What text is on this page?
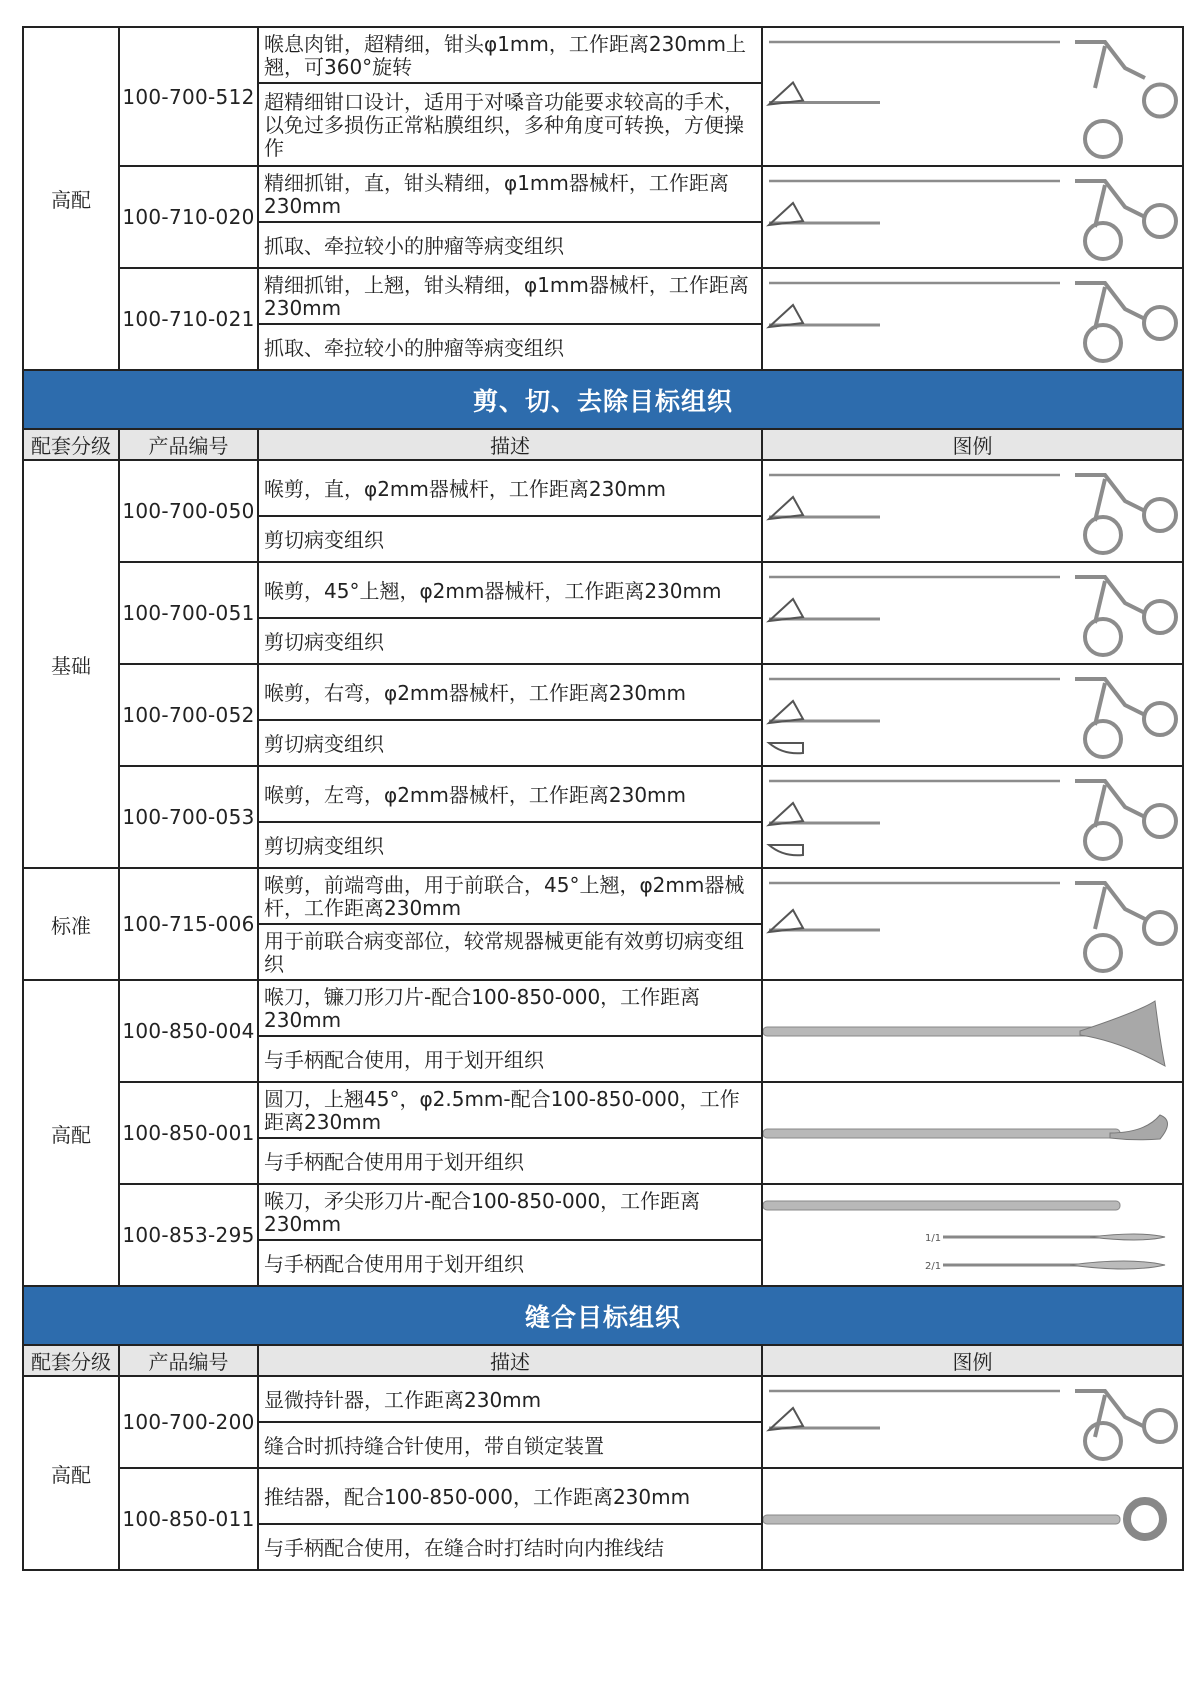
高配	100-700-512	喉息肉钳，超精细，钳头φ1mm，工作距离230mm上翘，可360°旋转	

		超精细钳口设计，适用于对嗓音功能要求较高的手术，以免过多损伤正常粘膜组织，多种角度可转换，方便操作	
	100-710-020	精细抓钳，直，钳头精细，φ1mm器械杆，工作距离230mm	

		抓取、牵拉较小的肿瘤等病变组织	
	100-710-021	精细抓钳，上翘，钳头精细，φ1mm器械杆，工作距离230mm	

		抓取、牵拉较小的肿瘤等病变组织	
剪、切、去除目标组织			
配套分级	产品编号	描述	图例
基础	100-700-050	喉剪，直，φ2mm器械杆，工作距离230mm	

		剪切病变组织	
	100-700-051	喉剪，45°上翘，φ2mm器械杆，工作距离230mm	

		剪切病变组织	
	100-700-052	喉剪，右弯，φ2mm器械杆，工作距离230mm	

		剪切病变组织	
	100-700-053	喉剪，左弯，φ2mm器械杆，工作距离230mm	

		剪切病变组织	
标准	100-715-006	喉剪，前端弯曲，用于前联合，45°上翘，φ2mm器械杆，工作距离230mm	

		用于前联合病变部位，较常规器械更能有效剪切病变组织	
高配	100-850-004	喉刀，镰刀形刀片-配合100-850-000，工作距离230mm	

		与手柄配合使用，用于划开组织	
	100-850-001	圆刀，上翘45°，φ2.5mm-配合100-850-000，工作距离230mm	

		与手柄配合使用用于划开组织	
	100-853-295	喉刀，矛尖形刀片-配合100-850-000，工作距离230mm	1/1
2/1

		与手柄配合使用用于划开组织	
缝合目标组织			
配套分级	产品编号	描述	图例
高配	100-700-200	显微持针器，工作距离230mm	

		缝合时抓持缝合针使用，带自锁定装置	
	100-850-011	推结器，配合100-850-000，工作距离230mm	

		与手柄配合使用，在缝合时打结时向内推线结	
